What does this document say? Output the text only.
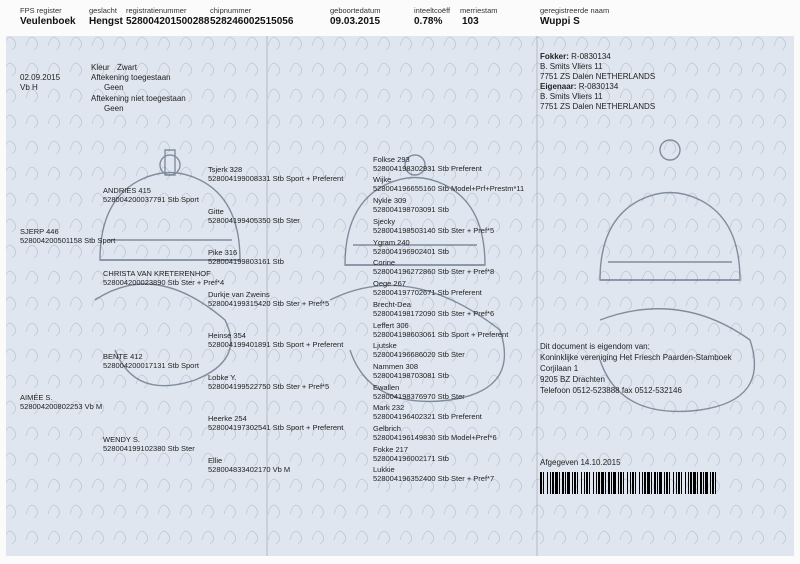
FPS register
Veulenboek
geslacht
Hengst
registratienummer
528004201500288
chipnummer
528246002515056
geboortedatum
09.03.2015
inteeltcoëff
0.78%
merriestam
103
geregistreerde naam
Wuppi S
02.09.2015
Vb H
Kleur Zwart
Aftekening toegestaan
Geen
Aftekening niet toegestaan
Geen
Fokker: R-0830134
B. Smits Vliers 11
7751 ZS Dalen NETHERLANDS
Eigenaar: R-0830134
B. Smits Vliers 11
7751 ZS Dalen NETHERLANDS
SJERP 446
528004200501158 Stb Sport
AIMÉE S.
528004200802253 Vb M
ANDRIES 415
528004200037791 Stb Sport
CHRISTA VAN KRETERENHOF
528004200023890 Stb Ster + Pref*4
BENTE 412
528004200017131 Stb Sport
WENDY S.
528004199102380 Stb Ster
Tsjerk 328
528004199008331 Stb Sport + Preferent
Gitte
528004199405350 Stb Ster
Pike 316
528004199803161 Stb
Durkje van Zweins
528004199315420 Stb Ster + Pref*5
Heinse 354
528004199401891 Stb Sport + Preferent
Lobke Y.
528004199522750 Stb Ster + Pref*5
Heerke 254
528004197302541 Stb Sport + Preferent
Ellie
528004833402170 Vb M
Folkse 293
528004198302931 Stb Preferent
Wijke
528004196655160 Stb Model+Prf+Prestm*11
Nykle 309
528004198703091 Stb
Sjecky
528004198503140 Stb Ster + Pref*5
Ygram 240
528004196902401 Stb
Corine
528004196272860 Stb Ster + Pref*8
Oege 267
528004197702671 Stb Preferent
Brecht-Dea
528004198172090 Stb Ster + Pref*6
Leffert 306
528004198603061 Stb Sport + Preferent
Ljutske
528004196686020 Stb Ster
Nammen 308
528004198703081 Stb
Ewallen
528004198376970 Stb Ster
Mark 232
528004196402321 Stb Preferent
Gelbrich
528004196149830 Stb Model+Pref*6
Fokke 217
528004196002171 Stb
Lukkie
528004196352400 Stb Ster + Pref*7
Dit document is eigendom van:
Koninklijke vereniging Het Friesch Paarden-Stamboek
Corjilaan 1
9205 BZ Drachten
Telefoon 0512-523888 fax 0512-532146
Afgegeven 14.10.2015
